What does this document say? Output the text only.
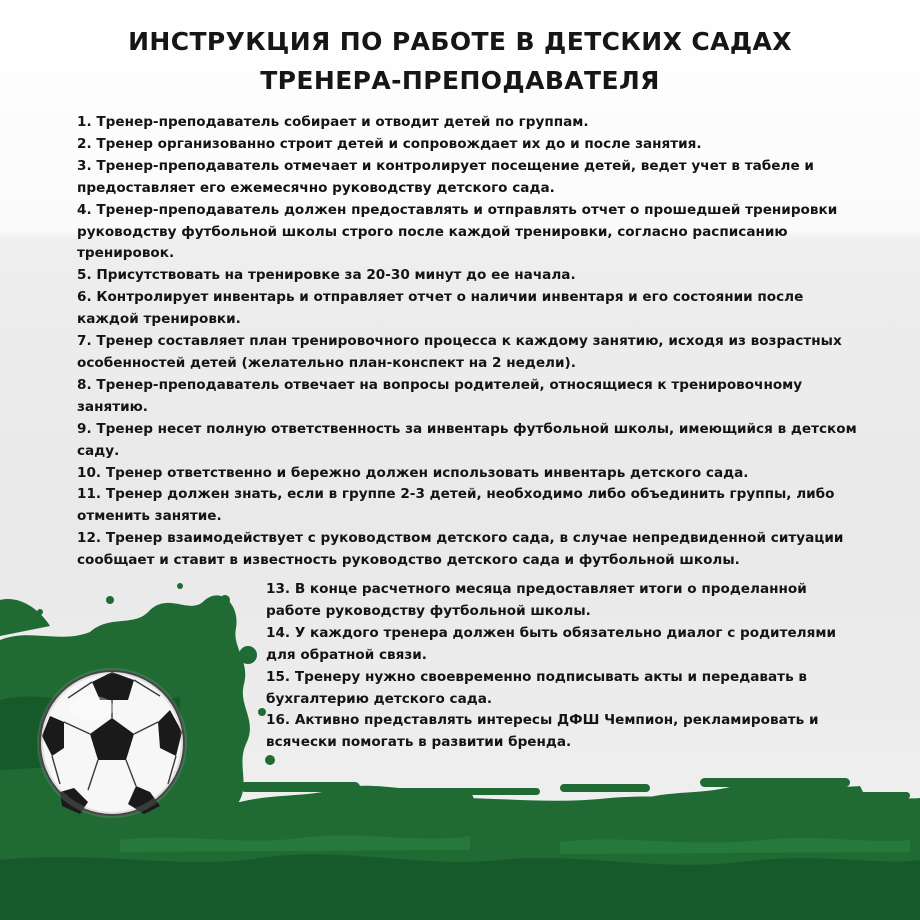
ИНСТРУКЦИЯ ПО РАБОТЕ В ДЕТСКИХ САДАХ
ТРЕНЕРА-ПРЕПОДАВАТЕЛЯ
1. Тренер-преподаватель собирает и отводит детей по группам.
2. Тренер организованно строит детей и сопровождает их до и после занятия.
3. Тренер-преподаватель отмечает и контролирует посещение детей, ведет учет в табеле и предоставляет его ежемесячно руководству детского сада.
4. Тренер-преподаватель должен предоставлять и отправлять отчет о прошедшей тренировки руководству футбольной школы строго после каждой тренировки, согласно расписанию тренировок.
5. Присутствовать на тренировке за 20-30 минут до ее начала.
6. Контролирует инвентарь и отправляет отчет о наличии инвентаря и его состоянии после каждой тренировки.
7. Тренер составляет план тренировочного процесса к каждому занятию, исходя из возрастных особенностей детей (желательно план-конспект на 2 недели).
8. Тренер-преподаватель отвечает на вопросы родителей, относящиеся к тренировочному занятию.
9. Тренер несет полную ответственность за инвентарь футбольной школы, имеющийся в детском саду.
10. Тренер ответственно и бережно должен использовать инвентарь детского сада.
11. Тренер должен знать, если в группе 2-3 детей, необходимо либо объединить группы, либо отменить занятие.
12. Тренер взаимодействует с руководством детского сада, в случае непредвиденной ситуации сообщает и ставит в известность руководство детского сада и футбольной школы.
13. В конце расчетного месяца предоставляет итоги о проделанной работе руководству футбольной школы.
14. У каждого тренера должен быть обязательно диалог с родителями для обратной связи.
15. Тренеру нужно своевременно подписывать акты и передавать в бухгалтерию детского сада.
16. Активно представлять интересы ДФШ Чемпион, рекламировать и всячески помогать в развитии бренда.
